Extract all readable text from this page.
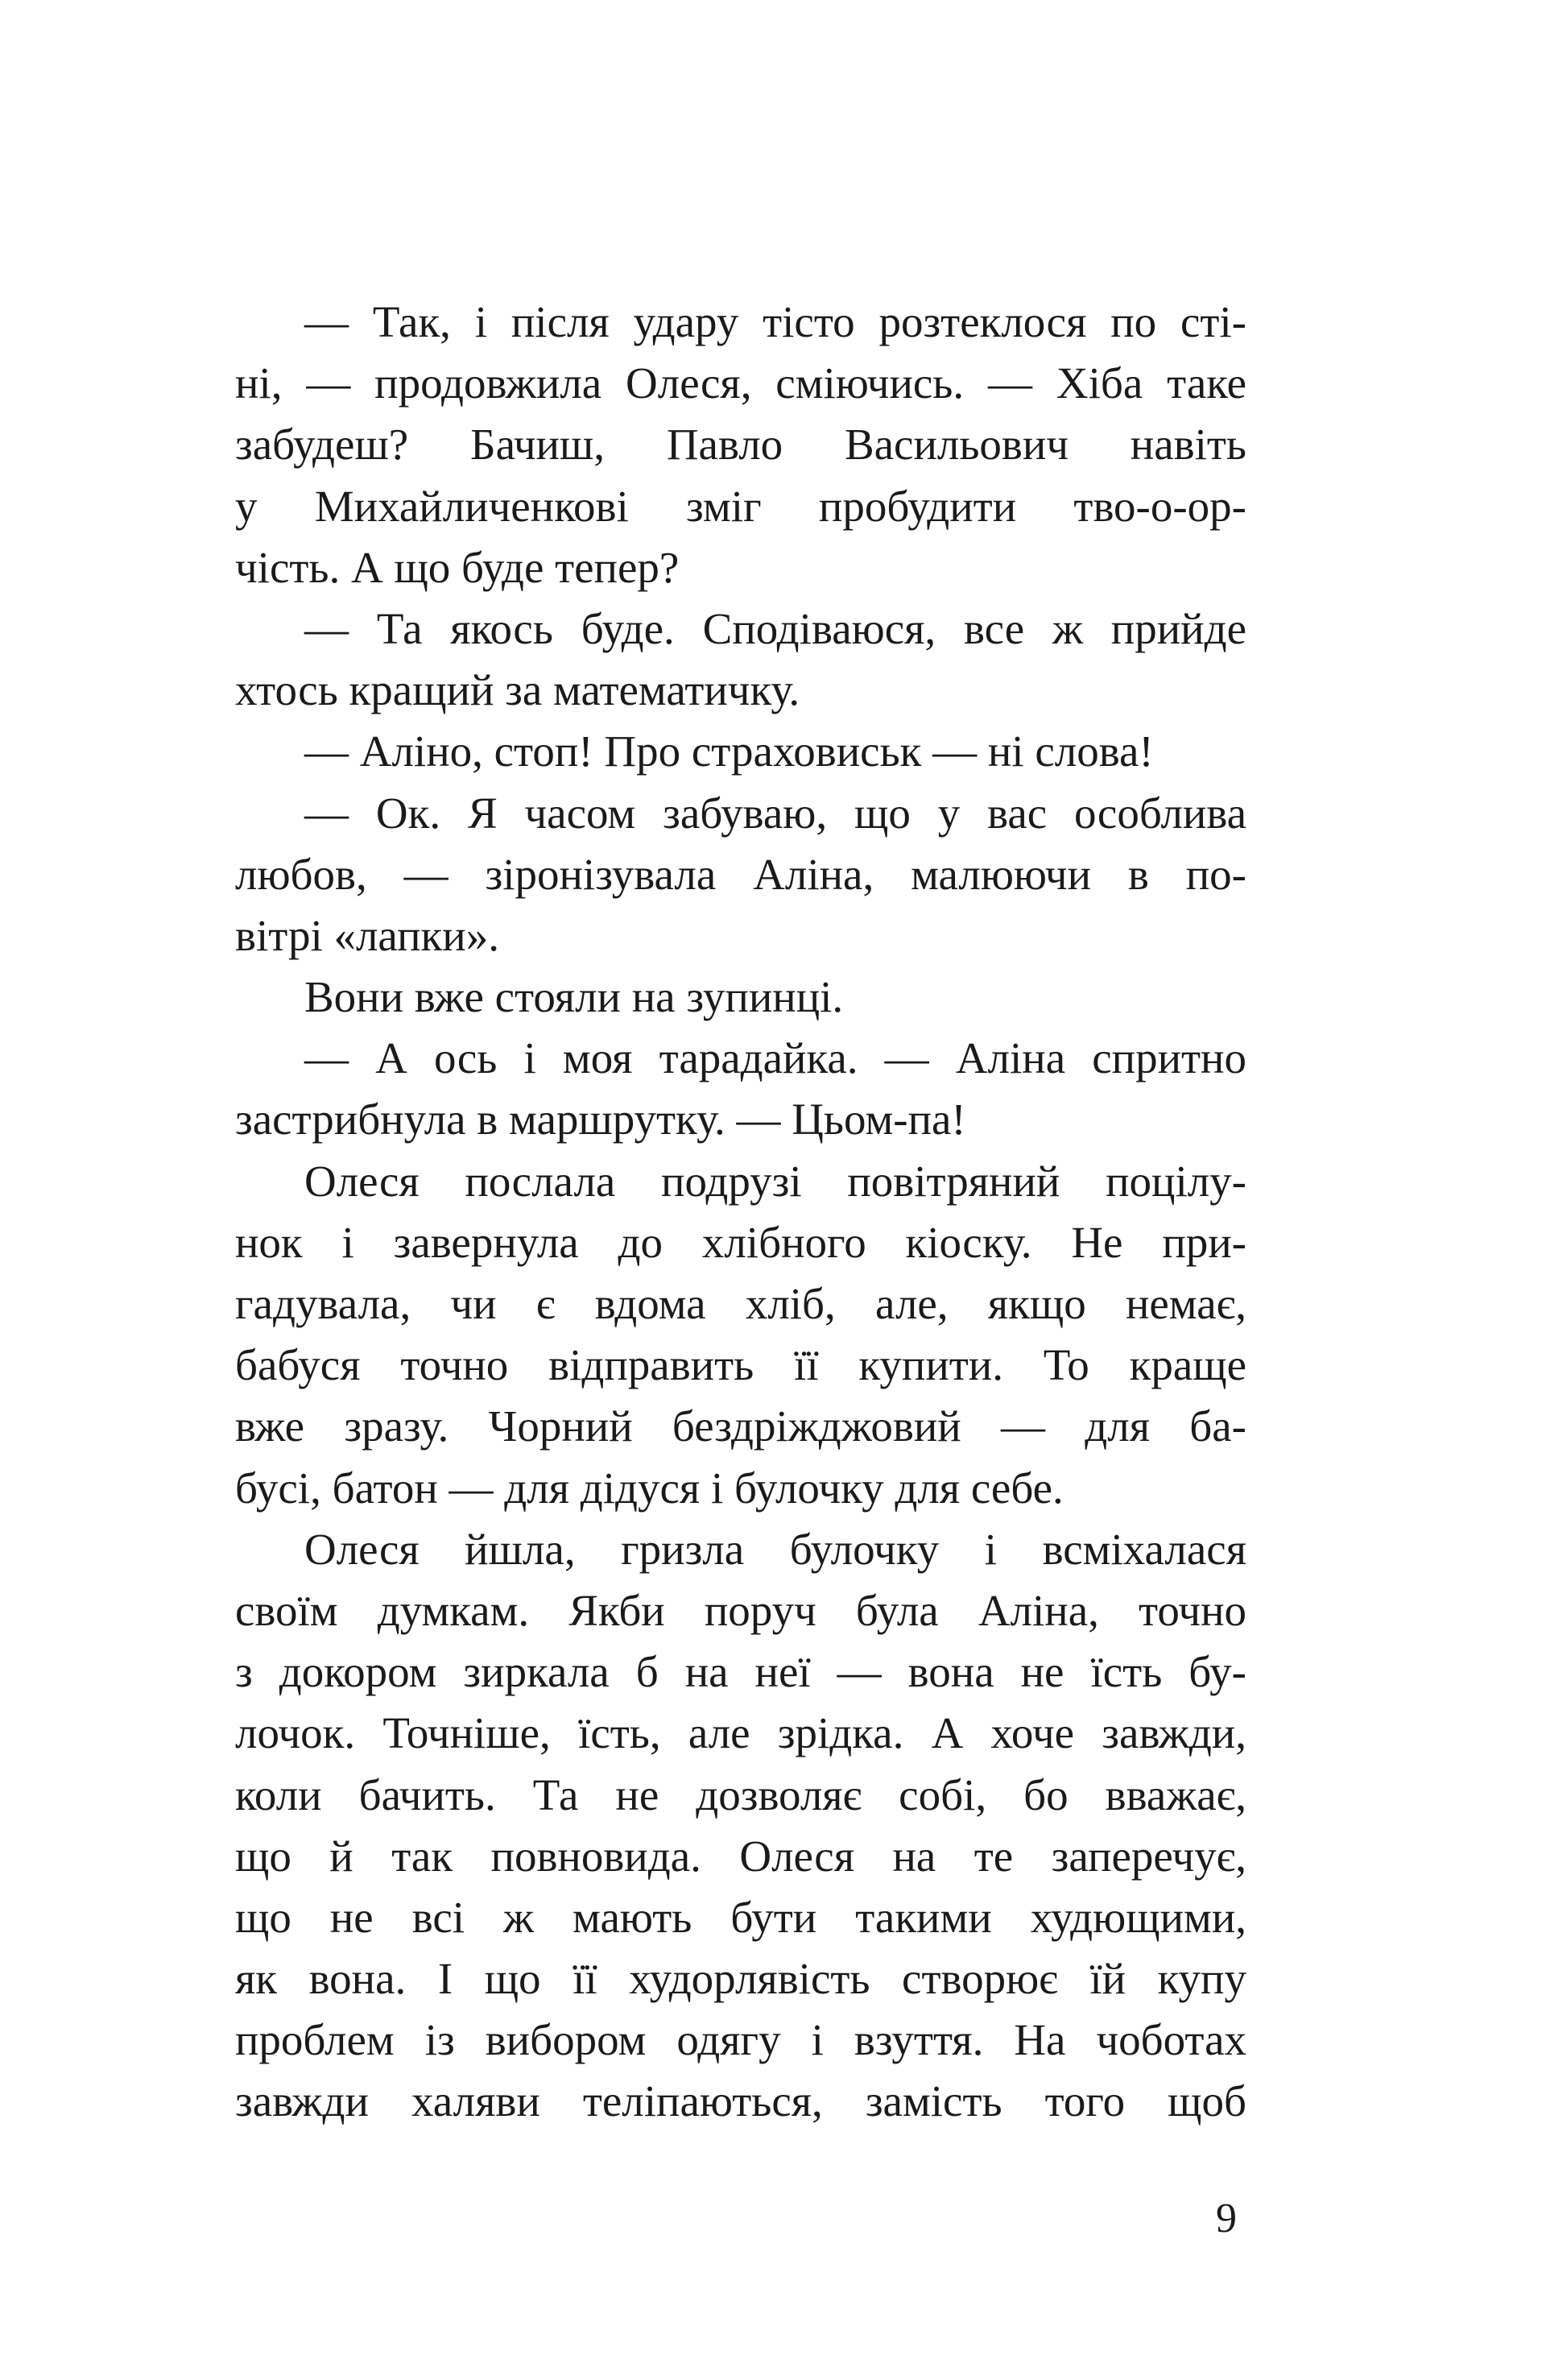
— Так, і після удару тісто розтеклося по сті-
ні, — продовжила Олеся, сміючись. — Хіба таке
забудеш? Бачиш, Павло Васильович навіть
у Михайличенкові зміг пробудити тво-о-ор-
чість. А що буде тепер?
— Та якось буде. Сподіваюся, все ж прийде
хтось кращий за математичку.
— Аліно, стоп! Про страховиськ — ні слова!
— Ок. Я часом забуваю, що у вас особлива
любов, — зіронізувала Аліна, малюючи в по-
вітрі «лапки».
Вони вже стояли на зупинці.
— А ось і моя тарадайка. — Аліна спритно
застрибнула в маршрутку. — Цьом-па!
Олеся послала подрузі повітряний поцілу-
нок і завернула до хлібного кіоску. Не при-
гадувала, чи є вдома хліб, але, якщо немає,
бабуся точно відправить її купити. То краще
вже зразу. Чорний бездріжджовий — для ба-
бусі, батон — для дідуся і булочку для себе.
Олеся йшла, гризла булочку і всміхалася
своїм думкам. Якби поруч була Аліна, точно
з докором зиркала б на неї — вона не їсть бу-
лочок. Точніше, їсть, але зрідка. А хоче завжди,
коли бачить. Та не дозволяє собі, бо вважає,
що й так повновида. Олеся на те заперечує,
що не всі ж мають бути такими худющими,
як вона. І що її худорлявість створює їй купу
проблем із вибором одягу і взуття. На чоботах
завжди халяви теліпаються, замість того щоб
9
